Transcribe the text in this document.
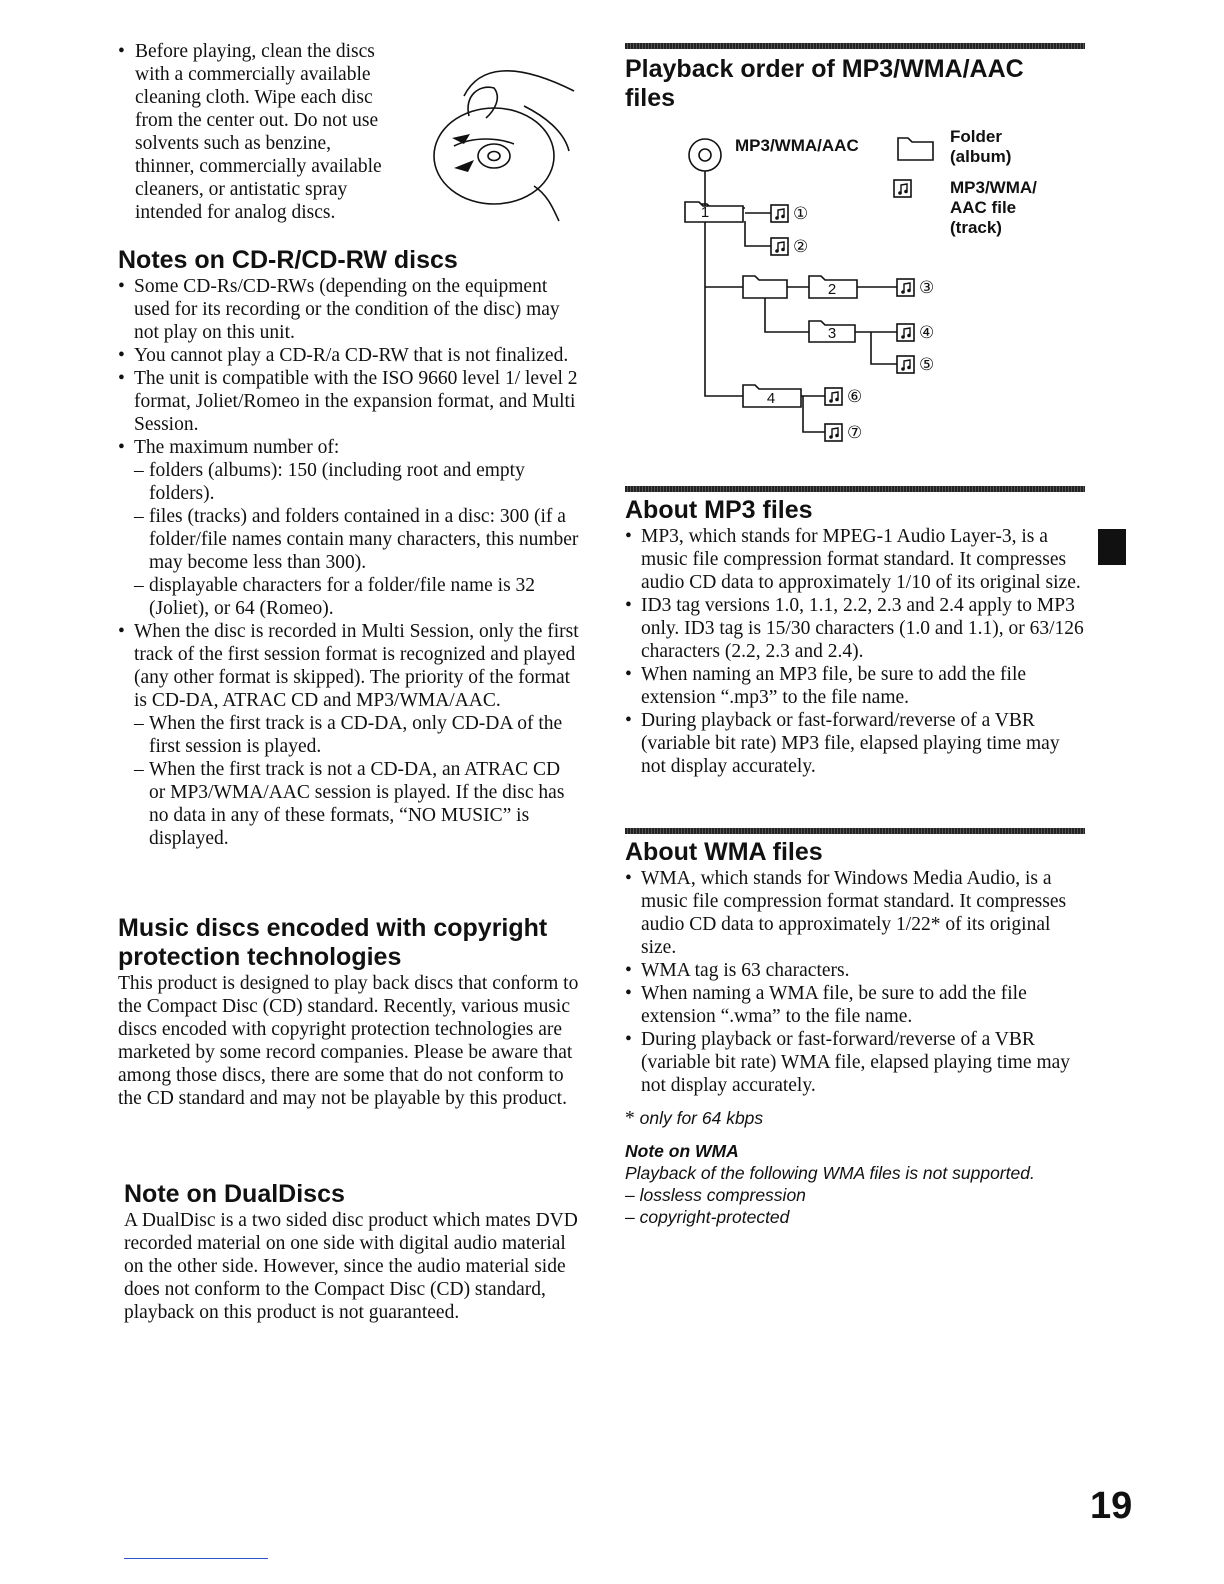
• Before playing, clean the discs
with a commercially available
cleaning cloth. Wipe each disc
from the center out. Do not use
solvents such as benzine,
thinner, commercially available
cleaners, or antistatic spray
intended for analog discs.
Notes on CD-R/CD-RW discs
• Some CD-Rs/CD-RWs (depending on the equipment used for its recording or the condition of the disc) may not play on this unit.
• You cannot play a CD-R/a CD-RW that is not finalized.
• The unit is compatible with the ISO 9660 level 1/ level 2 format, Joliet/Romeo in the expansion format, and Multi Session.
• The maximum number of:
– folders (albums): 150 (including root and empty folders).
– files (tracks) and folders contained in a disc: 300 (if a folder/file names contain many characters, this number may become less than 300).
– displayable characters for a folder/file name is 32 (Joliet), or 64 (Romeo).
• When the disc is recorded in Multi Session, only the first track of the first session format is recognized and played (any other format is skipped). The priority of the format is CD-DA, ATRAC CD and MP3/WMA/AAC.
– When the first track is a CD-DA, only CD-DA of the first session is played.
– When the first track is not a CD-DA, an ATRAC CD or MP3/WMA/AAC session is played. If the disc has no data in any of these formats, “NO MUSIC” is displayed.
Music discs encoded with copyright
protection technologies
This product is designed to play back discs that conform to the Compact Disc (CD) standard. Recently, various music discs encoded with copyright protection technologies are marketed by some record companies. Please be aware that among those discs, there are some that do not conform to the CD standard and may not be playable by this product.
Note on DualDiscs
A DualDisc is a two sided disc product which mates DVD recorded material on one side with digital audio material on the other side. However, since the audio material side does not conform to the Compact Disc (CD) standard, playback on this product is not guaranteed.
Playback order of MP3/WMA/AAC
files
1
2
3
4
①
②
③
④
⑤
⑥
⑦
MP3/WMA/AAC	Folder
(album)
MP3/WMA/
AAC file
(track)
About MP3 files
• MP3, which stands for MPEG-1 Audio Layer-3, is a music file compression format standard. It compresses audio CD data to approximately 1/10 of its original size.
• ID3 tag versions 1.0, 1.1, 2.2, 2.3 and 2.4 apply to MP3 only. ID3 tag is 15/30 characters (1.0 and 1.1), or 63/126 characters (2.2, 2.3 and 2.4).
• When naming an MP3 file, be sure to add the file extension “.mp3” to the file name.
• During playback or fast-forward/reverse of a VBR (variable bit rate) MP3 file, elapsed playing time may not display accurately.
About WMA files
• WMA, which stands for Windows Media Audio, is a music file compression format standard. It compresses audio CD data to approximately 1/22* of its original size.
• WMA tag is 63 characters.
• When naming a WMA file, be sure to add the file extension “.wma” to the file name.
• During playback or fast-forward/reverse of a VBR (variable bit rate) WMA file, elapsed playing time may not display accurately.
* only for 64 kbps
Note on WMA
Playback of the following WMA files is not supported.
– lossless compression
– copyright-protected
19
